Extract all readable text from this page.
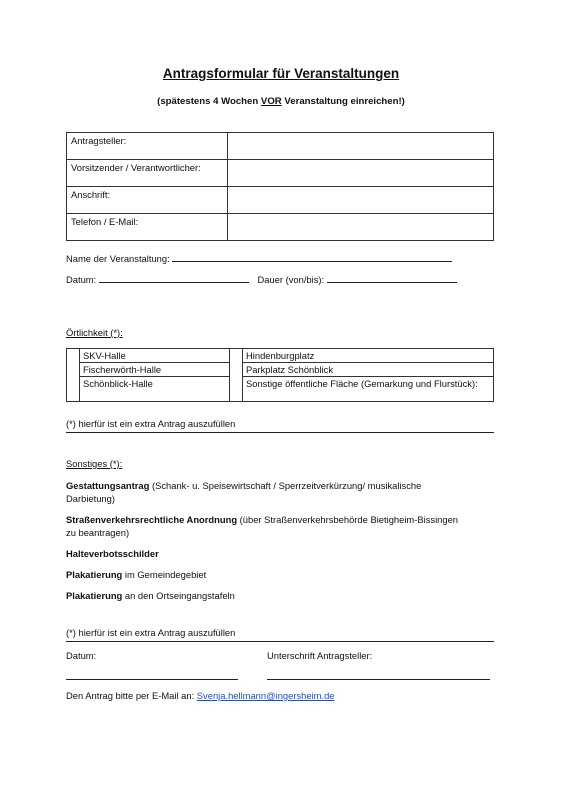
Antragsformular für Veranstaltungen
(spätestens 4 Wochen VOR Veranstaltung einreichen!)
Antragsteller:	
Vorsitzender / Verantwortlicher:	
Anschrift:	
Telefon / E-Mail:	
Name der Veranstaltung:
Datum:	Dauer (von/bis):
Örtlichkeit (*):
	SKV-Halle		Hindenburgplatz
	Fischerwörth-Halle		Parkplatz Schönblick
	Schönblick-Halle		Sonstige öffentliche Fläche (Gemarkung und Flurstück):
(*) hierfür ist ein extra Antrag auszufüllen
Sonstiges (*):
Gestattungsantrag (Schank- u. Speisewirtschaft / Sperrzeitverkürzung/ musikalische Darbietung)
Straßenverkehrsrechtliche Anordnung (über Straßenverkehrsbehörde Bietigheim-Bissingen zu beantragen)
Halteverbotsschilder
Plakatierung im Gemeindegebiet
Plakatierung an den Ortseingangstafeln
(*) hierfür ist ein extra Antrag auszufüllen
Datum:	Unterschrift Antragsteller:
Den Antrag bitte per E-Mail an: Svenja.hellmann@ingersheim.de
